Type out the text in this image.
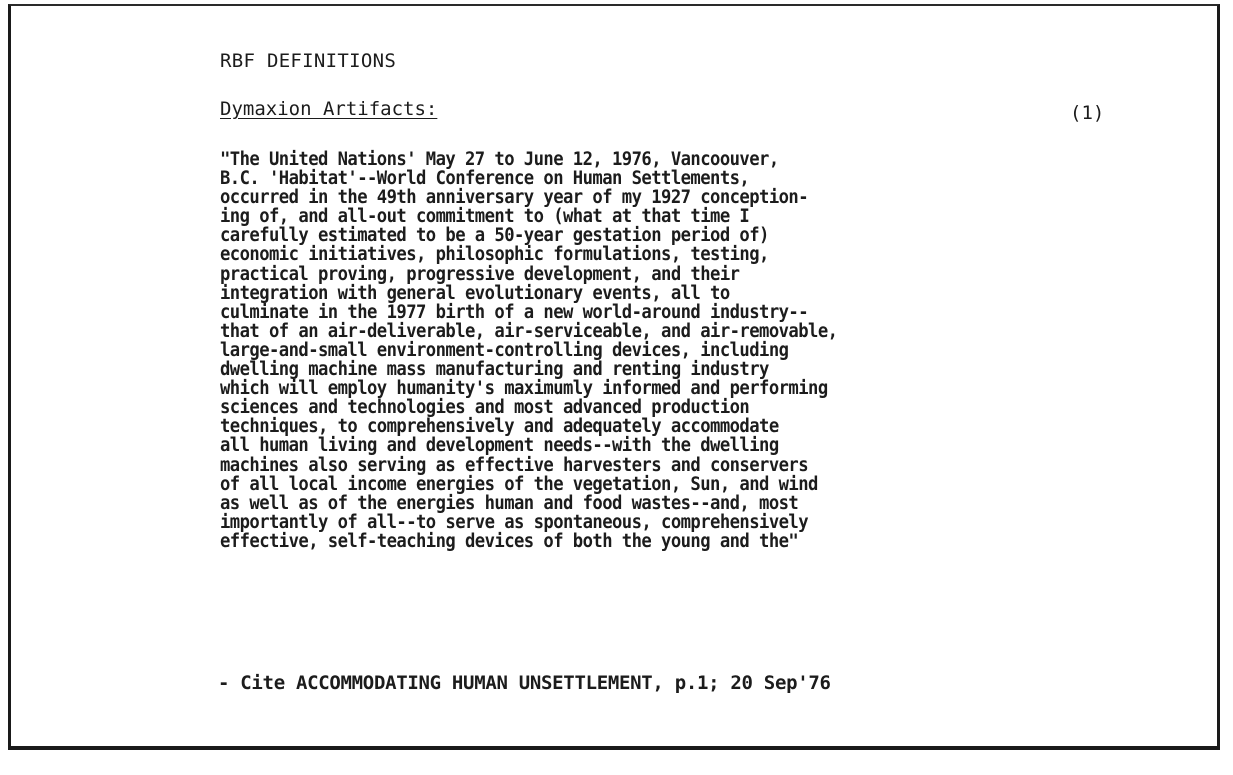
RBF DEFINITIONS
Dymaxion Artifacts:	(1)
"The United Nations' May 27 to June 12, 1976, Vancoouver,
B.C. 'Habitat'--World Conference on Human Settlements,
occurred in the 49th anniversary year of my 1927 conception-
ing of, and all-out commitment to (what at that time I
carefully estimated to be a 50-year gestation period of)
economic initiatives, philosophic formulations, testing,
practical proving, progressive development, and their
integration with general evolutionary events, all to
culminate in the 1977 birth of a new world-around industry--
that of an air-deliverable, air-serviceable, and air-removable,
large-and-small environment-controlling devices, including
dwelling machine mass manufacturing and renting industry
which will employ humanity's maximumly informed and performing
sciences and technologies and most advanced production
techniques, to comprehensively and adequately accommodate
all human living and development needs--with the dwelling
machines also serving as effective harvesters and conservers
of all local income energies of the vegetation, Sun, and wind
as well as of the energies human and food wastes--and, most
importantly of all--to serve as spontaneous, comprehensively
effective, self-teaching devices of both the young and the"
- Cite ACCOMMODATING HUMAN UNSETTLEMENT, p.1; 20 Sep'76
